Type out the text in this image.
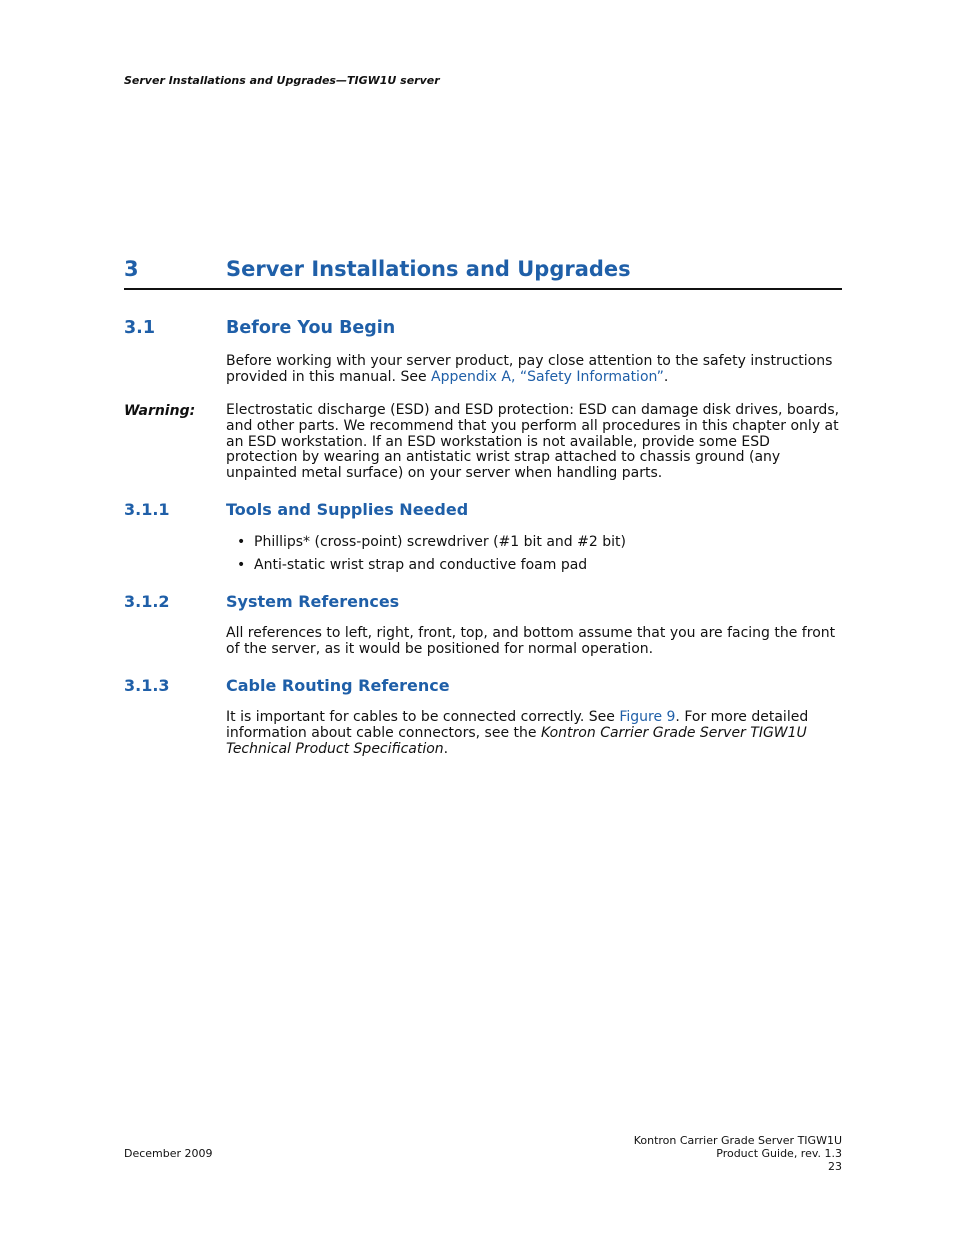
Server Installations and Upgrades—TIGW1U server
3	Server Installations and Upgrades
3.1	Before You Begin
Before working with your server product, pay close attention to the safety instructions provided in this manual. See Appendix A, “Safety Information”.
Warning: Electrostatic discharge (ESD) and ESD protection: ESD can damage disk drives, boards, and other parts. We recommend that you perform all procedures in this chapter only at an ESD workstation. If an ESD workstation is not available, provide some ESD protection by wearing an antistatic wrist strap attached to chassis ground (any unpainted metal surface) on your server when handling parts.
3.1.1	Tools and Supplies Needed
• Phillips* (cross-point) screwdriver (#1 bit and #2 bit)
• Anti-static wrist strap and conductive foam pad
3.1.2	System References
All references to left, right, front, top, and bottom assume that you are facing the front of the server, as it would be positioned for normal operation.
3.1.3	Cable Routing Reference
It is important for cables to be connected correctly. See Figure 9. For more detailed information about cable connectors, see the Kontron Carrier Grade Server TIGW1U Technical Product Specification.
December 2009
Kontron Carrier Grade Server TIGW1U
Product Guide, rev. 1.3
23
